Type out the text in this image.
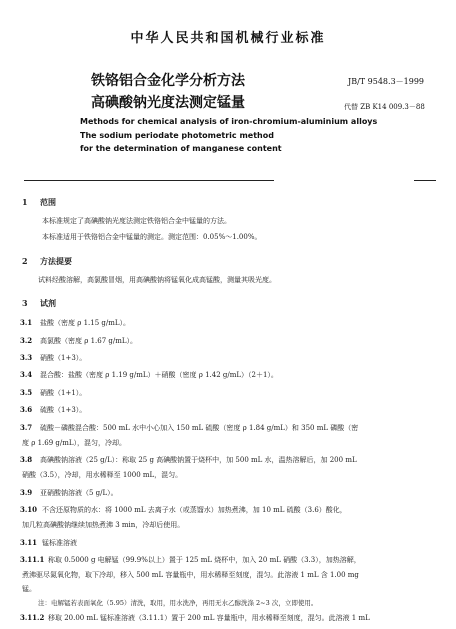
中华人民共和国机械行业标准
铁铬铝合金化学分析方法
高碘酸钠光度法测定锰量
JB/T 9548.3－1999
代替 ZB K14 009.3－88
Methods for chemical analysis of iron-chromium-aluminium alloys
The sodium periodate photometric method
for the determination of manganese content
1 范围
本标准规定了高碘酸钠光度法测定铁铬铝合金中锰量的方法。
本标准适用于铁铬铝合金中锰量的测定。测定范围：0.05%～1.00%。
2 方法提要
试料经酸溶解，高氯酸冒烟，用高碘酸钠将锰氧化成高锰酸，测量其吸光度。
3 试剂
3.1 盐酸（密度 ρ 1.15 g/mL）。
3.2 高氯酸（密度 ρ 1.67 g/mL）。
3.3 硝酸（1+3）。
3.4 混合酸：盐酸（密度 ρ 1.19 g/mL）＋硝酸（密度 ρ 1.42 g/mL）（2＋1）。
3.5 硝酸（1+1）。
3.6 硫酸（1+3）。
3.7 硫酸－磷酸混合酸：500 mL 水中小心加入 150 mL 硫酸（密度 ρ 1.84 g/mL）和 350 mL 磷酸（密
度 ρ 1.69 g/mL），混匀，冷却。
3.8 高碘酸钠溶液（25 g/L）：称取 25 g 高碘酸钠置于烧杯中，加 500 mL 水，温热溶解后，加 200 mL
硝酸（3.5），冷却，用水稀释至 1000 mL，混匀。
3.9 亚硝酸钠溶液（5 g/L）。
3.10 不含还原物质的水：将 1000 mL 去离子水（或蒸馏水）加热煮沸，加 10 mL 硫酸（3.6）酸化，
加几粒高碘酸钠继续加热煮沸 3 min，冷却后使用。
3.11 锰标准溶液
3.11.1 称取 0.5000 g 电解锰（99.9%以上）置于 125 mL 烧杯中，加入 20 mL 硝酸（3.3），加热溶解，
煮沸驱尽氮氧化物，取下冷却，移入 500 mL 容量瓶中，用水稀释至刻度，混匀。此溶液 1 mL 含 1.00 mg
锰。
注：电解锰若表面氧化（5.95）清洗，取用，用水洗净，再用无水乙醇洗涤 2~3 次，立即使用。
3.11.2 移取 20.00 mL 锰标准溶液（3.11.1）置于 200 mL 容量瓶中，用水稀释至刻度，混匀。此溶液 1 mL
